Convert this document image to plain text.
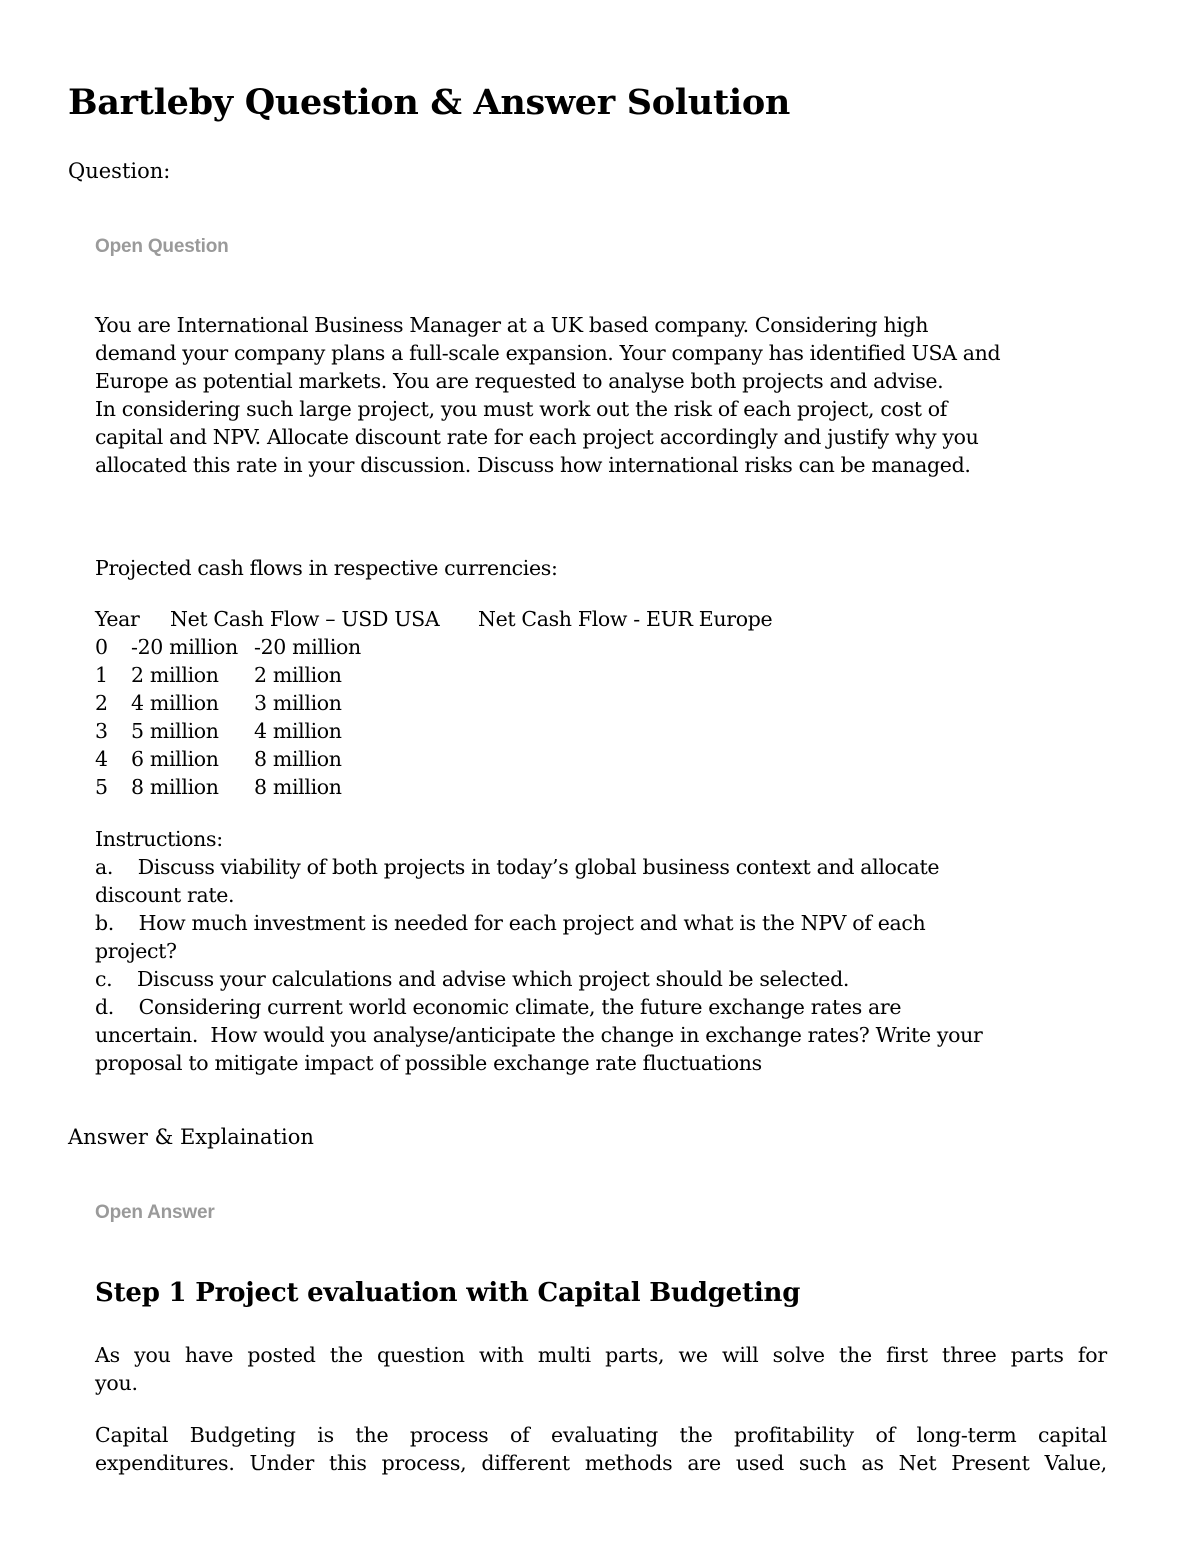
Bartleby Question & Answer Solution
Question:
Open Question
You are International Business Manager at a UK based company. Considering high
demand your company plans a full-scale expansion. Your company has identified USA and
Europe as potential markets. You are requested to analyse both projects and advise.
In considering such large project, you must work out the risk of each project, cost of
capital and NPV. Allocate discount rate for each project accordingly and justify why you
allocated this rate in your discussion. Discuss how international risks can be managed.
Projected cash flows in respective currencies:
Year	Net Cash Flow – USD USA	Net Cash Flow - EUR Europe
0	-20 million -20 million
1	2 million	2 million
2	4 million	3 million
3	5 million	4 million
4	6 million	8 million
5	8 million	8 million
Instructions:
a.    Discuss viability of both projects in today’s global business context and allocate
discount rate.
b.    How much investment is needed for each project and what is the NPV of each
project?
c.    Discuss your calculations and advise which project should be selected.
d.    Considering current world economic climate, the future exchange rates are
uncertain.  How would you analyse/anticipate the change in exchange rates? Write your
proposal to mitigate impact of possible exchange rate fluctuations
Answer & Explaination
Open Answer
Step 1 Project evaluation with Capital Budgeting
As you have posted the question with multi parts, we will solve the first three parts for
you.
Capital Budgeting is the process of evaluating the profitability of long-term capital
expenditures. Under this process, different methods are used such as Net Present Value,
